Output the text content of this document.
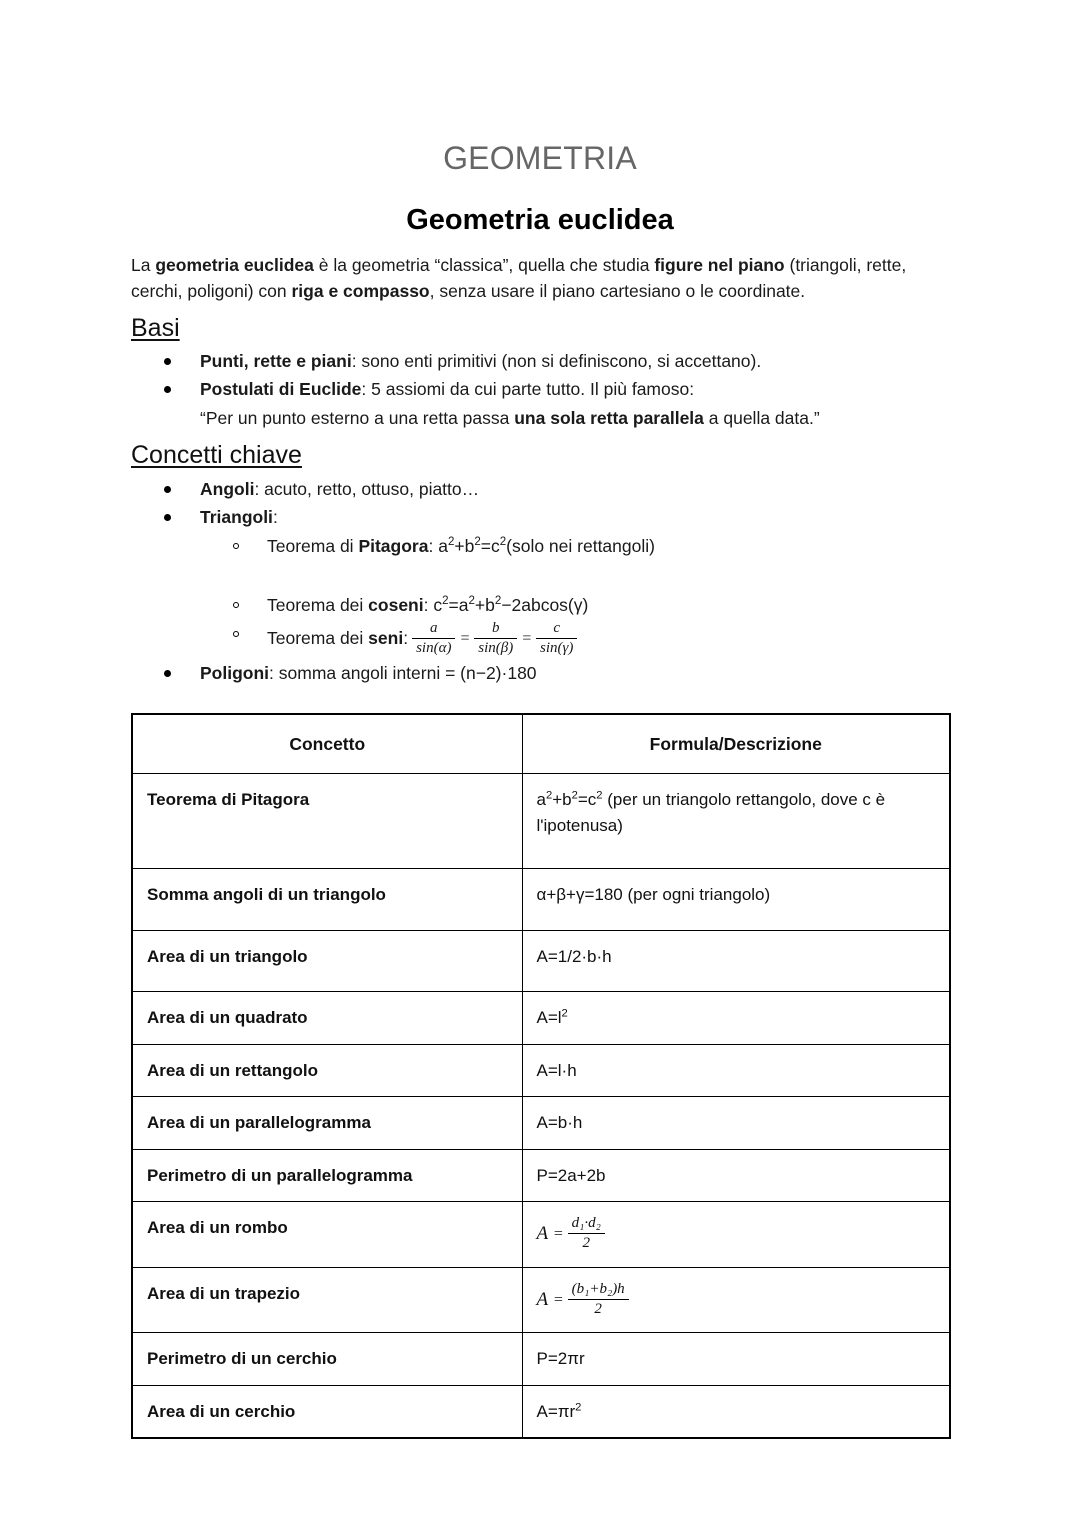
GEOMETRIA
Geometria euclidea

La geometria euclidea è la geometria “classica”, quella che studia figure nel piano (triangoli, rette, cerchi, poligoni) con riga e compasso, senza usare il piano cartesiano o le coordinate.

Basi
Punti, rette e piani: sono enti primitivi (non si definiscono, si accettano).
Postulati di Euclide: 5 assiomi da cui parte tutto. Il più famoso:
“Per un punto esterno a una retta passa una sola retta parallela a quella data.”
Concetti chiave
Angoli: acuto, retto, ottuso, piatto…
Triangoli:
Teorema di Pitagora: $a^2+b^2=c^2(solo$ nei rettangoli)
Teorema dei coseni: $c^2=a^2+b^2-2abcos(\gamma)$
Teorema dei seni: $\frac{a}{\sin(\alpha)} = \frac{b}{\sin(\beta)} = \frac{c}{\sin(\gamma)}$
Poligoni: somma angoli interni = (n−2)·180
Concetto	Formula/Descrizione
Teorema di Pitagora	$a^2+b^2=c^2$ (per un triangolo rettangolo, dove c è l'ipotenusa)
Somma angoli di un triangolo	α+β+γ=180 (per ogni triangolo)
Area di un triangolo	A=1/2·b·h
Area di un quadrato	$A=l^2$
Area di un rettangolo	A=l·h
Area di un parallelogramma	A=b·h
Perimetro di un parallelogramma	P=2a+2b
Area di un rombo	$A = \frac{\text{d₁·d₂}}{2}$

Area di un trapezio	$A = \frac{\text{(b₁+b₂)h}}{2}$

Perimetro di un cerchio	P=2πr
Area di un cerchio	$A=\pi r^2$
